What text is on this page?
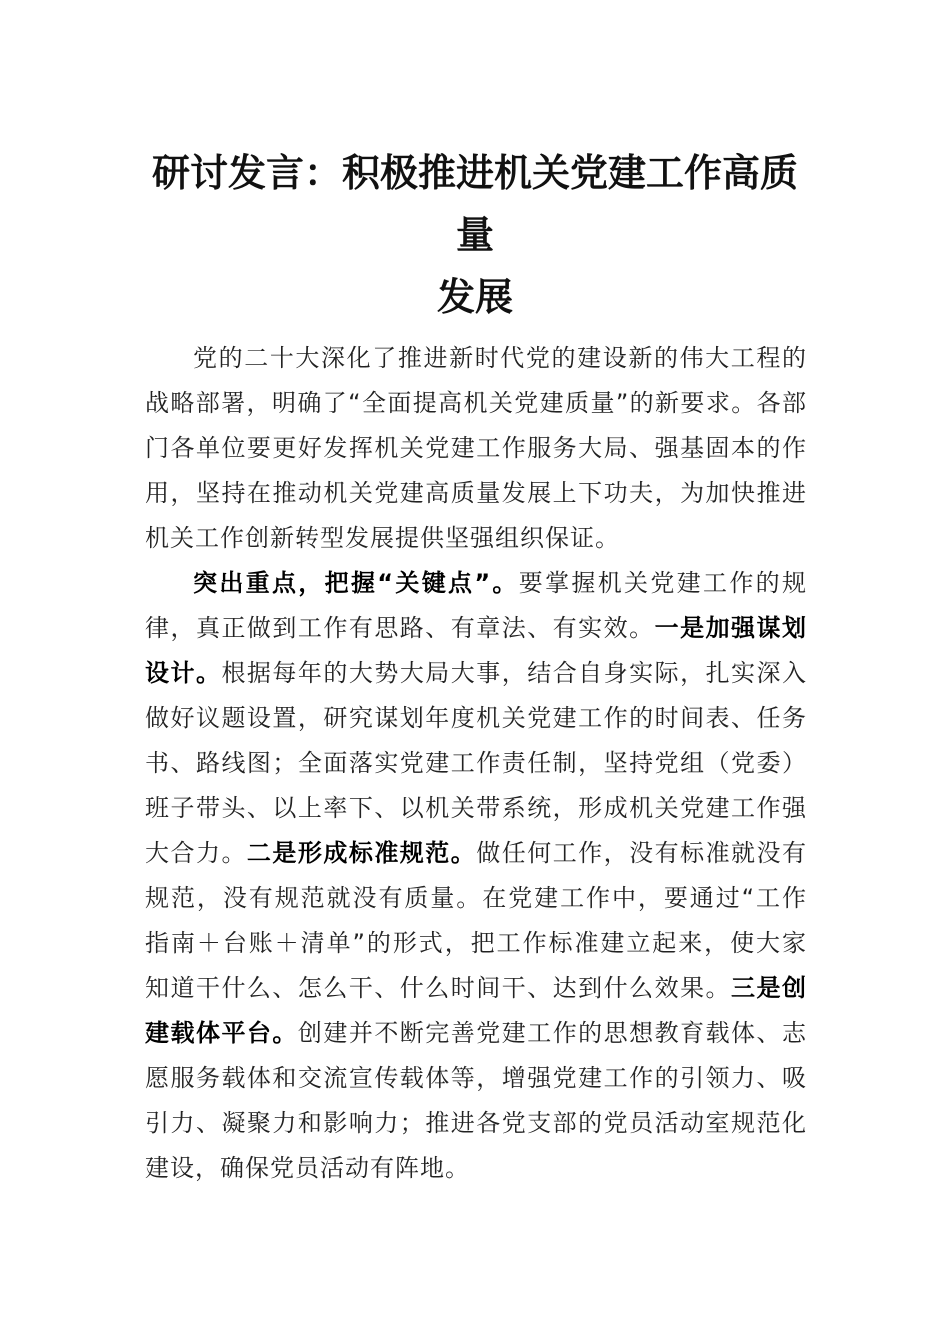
研讨发言：积极推进机关党建工作高质量
发展

党的二十大深化了推进新时代党的建设新的伟大工程的战略部署，明确了“全面提高机关党建质量”的新要求。各部门各单位要更好发挥机关党建工作服务大局、强基固本的作用，坚持在推动机关党建高质量发展上下功夫，为加快推进机关工作创新转型发展提供坚强组织保证。

突出重点，把握“关键点”。要掌握机关党建工作的规律，真正做到工作有思路、有章法、有实效。一是加强谋划设计。根据每年的大势大局大事，结合自身实际，扎实深入做好议题设置，研究谋划年度机关党建工作的时间表、任务书、路线图；全面落实党建工作责任制，坚持党组（党委）班子带头、以上率下、以机关带系统，形成机关党建工作强大合力。二是形成标准规范。做任何工作，没有标准就没有规范，没有规范就没有质量。在党建工作中，要通过“工作指南＋台账＋清单”的形式，把工作标准建立起来，使大家知道干什么、怎么干、什么时间干、达到什么效果。三是创建载体平台。创建并不断完善党建工作的思想教育载体、志愿服务载体和交流宣传载体等，增强党建工作的引领力、吸引力、凝聚力和影响力；推进各党支部的党员活动室规范化建设，确保党员活动有阵地。
